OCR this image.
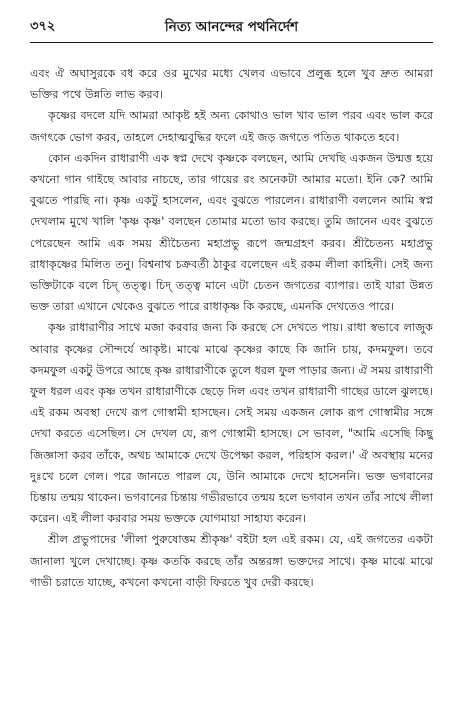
৩৭২	নিত্য আনন্দের পথনির্দেশ

এবং ঐ অঘাসুরকে বধ করে ওর মুখের মধ্যে খেলব এভাবে প্রলুব্ধ হলে খুব দ্রুত আমরা ভক্তির পথে উন্নতি লাভ করব।

কৃষ্ণের বদলে যদি আমরা আকৃষ্ট হই অন্য কোথাও ভাল খাব ভাল পরব এবং ভাল করে জগৎকে ভোগ করব, তাহলে দেহাত্মবুদ্ধির ফলে এই জড় জগতে পতিত থাকতে হবে।

কোন একদিন রাধারাণী এক স্বপ্ন দেখে কৃষ্ণকে বলছেন, আমি দেখছি একজন উন্মত্ত হয়ে কখনো গান গাইছে আবার নাচছে, তার গায়ের রং অনেকটা আমার মতো। ইনি কে? আমি বুঝতে পারছি না। কৃষ্ণ একটু হাসলেন, এবং বুঝতে পারলেন। রাধারাণী বললেন আমি স্বপ্ন দেখলাম মুখে খালি 'কৃষ্ণ কৃষ্ণ' বলছেন তোমার মতো ভাব করছে। তুমি জানেন এবং বুঝতে পেরেছেন আমি এক সময় শ্রীচৈতন্য মহাপ্রভু রূপে জন্মগ্রহণ করব। শ্রীচৈতন্য মহাপ্রভু রাধাকৃষ্ণের মিলিত তনু। বিশ্বনাথ চক্রবর্তী ঠাকুর বলেছেন এই রকম লীলা কাহিনী। সেই জন্য ভক্তিটাকে বলে চিদ্ তত্ত্ব। চিদ্ তত্ত্ব মানে এটা চেতন জগতের ব্যাপার। তাই যারা উন্নত ভক্ত তারা এখানে থেকেও বুঝতে পারে রাধাকৃষ্ণ কি করছে, এমনকি দেখতেও পারে।

কৃষ্ণ রাধারাণীর সাথে মজা করবার জন্য কি করছে সে দেখতে পায়। রাধা স্বভাবে লাজুক আবার কৃষ্ণের সৌন্দর্যে আকৃষ্ট। মাঝে মাঝে কৃষ্ণের কাছে কি জানি চায়, কদমফুল। তবে কদমফুল একটু উপরে আছে কৃষ্ণ রাধারাণীকে তুলে ধরল ফুল পাড়ার জন্য। ঐ সময় রাধারাণী ফুল ধরল এবং কৃষ্ণ তখন রাধারাণীকে ছেড়ে দিল এবং তখন রাধারাণী গাছের ডালে ঝুলছে। এই রকম অবস্থা দেখে রূপ গোস্বামী হাসছেন। সেই সময় একজন লোক রূপ গোস্বামীর সঙ্গে দেখা করতে এসেছিল। সে দেখল যে, রূপ গোস্বামী হাসছে। সে ভাবল, "আমি এসেছি কিছু জিজ্ঞাসা করব তাঁকে, অথচ আমাকে দেখে উপেক্ষা করল, পরিহাস করল।' ঐ অবস্থায় মনের দুঃখে চলে গেল। পরে জানতে পারল যে, উনি আমাকে দেখে হাসেননি। ভক্ত ভগবানের চিন্তায় তন্ময় থাকেন। ভগবানের চিন্তায় গভীরভাবে তন্ময় হলে ভগবান তখন তাঁর সাথে লীলা করেন। এই লীলা করবার সময় ভক্তকে যোগমায়া সাহায্য করেন।

শ্রীল প্রভুপাদের 'লীলা পুরুষোত্তম শ্রীকৃষ্ণ' বইটা হল এই রকম। যে, এই জগতের একটা জানালা খুলে দেখাচ্ছে। কৃষ্ণ কতকি করছে তাঁর অন্তরঙ্গা ভক্তদের সাথে। কৃষ্ণ মাঝে মাঝে গাভী চরাতে যাচ্ছে, কখনো কখনো বাড়ী ফিরতে খুব দেরী করছে।
